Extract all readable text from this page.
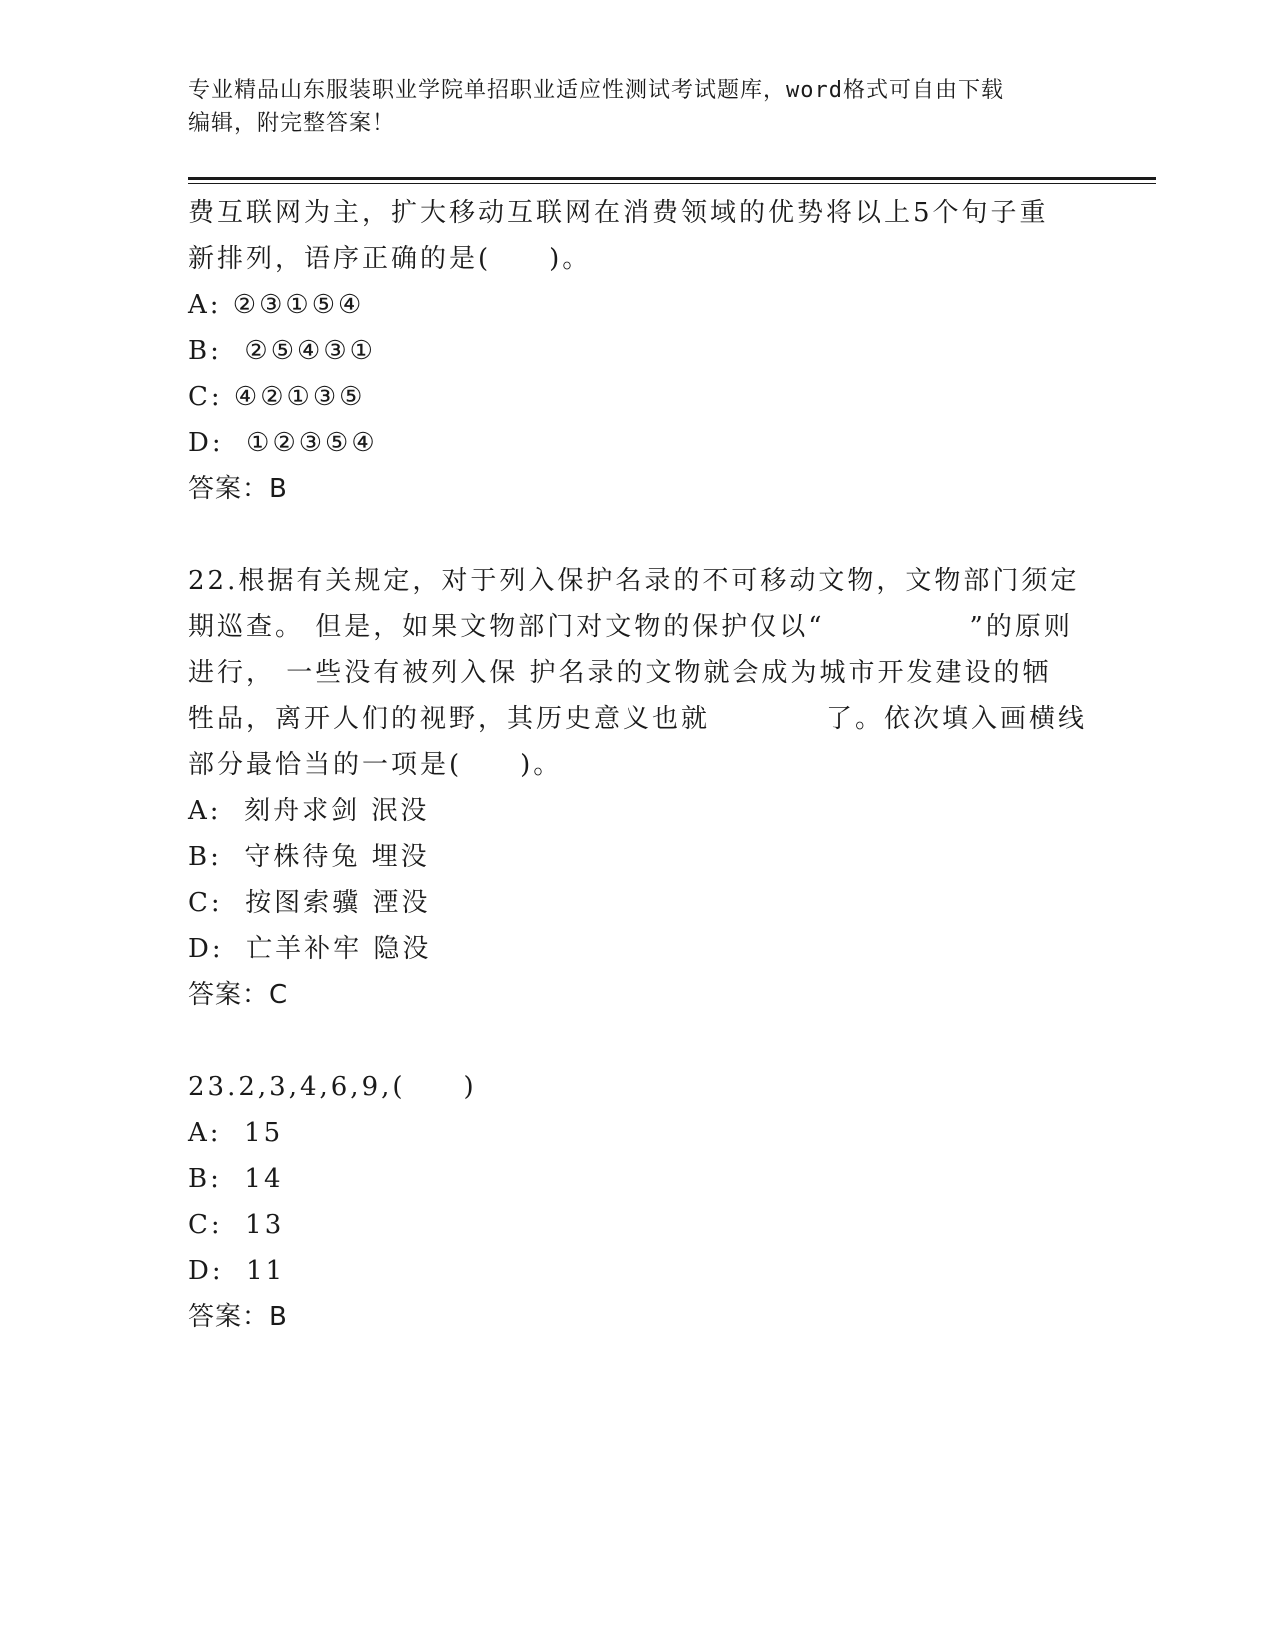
专业精品山东服装职业学院单招职业适应性测试考试题库，word格式可自由下载
编辑，附完整答案！
费互联网为主，扩大移动互联网在消费领域的优势将以上5个句子重
新排列，语序正确的是(　　)。
A: ②③①⑤④
B:  ②⑤④③①
C: ④②①③⑤
D:  ①②③⑤④
答案：B
22.根据有关规定，对于列入保护名录的不可移动文物，文物部门须定
期巡查。 但是，如果文物部门对文物的保护仅以“　　　　　”的原则
进行， 一些没有被列入保 护名录的文物就会成为城市开发建设的牺
牲品，离开人们的视野，其历史意义也就　　　　了。依次填入画横线
部分最恰当的一项是(　　)。
A:  刻舟求剑 泯没
B:  守株待兔 埋没
C:  按图索骥 湮没
D:  亡羊补牢 隐没
答案：C
23.2,3,4,6,9,(　　)
A:  15
B:  14
C:  13
D:  11
答案：B
